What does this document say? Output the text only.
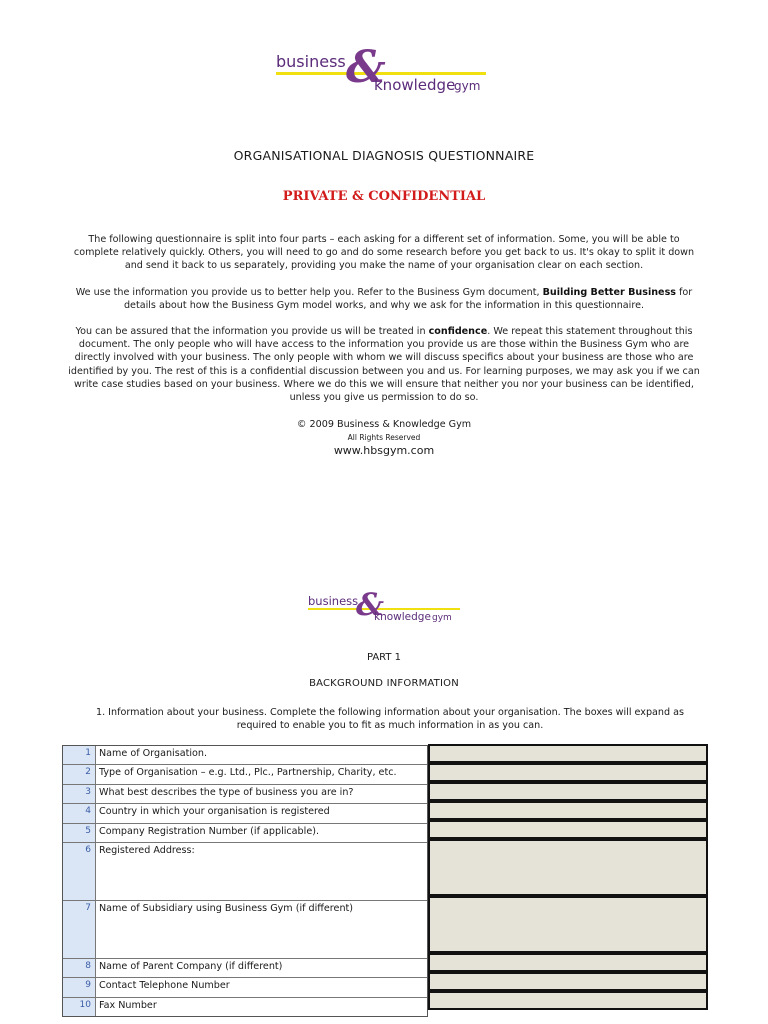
business &
knowledge
gym
ORGANISATIONAL DIAGNOSIS QUESTIONNAIRE
PRIVATE & CONFIDENTIAL
The following questionnaire is split into four parts – each asking for a different set of information. Some, you will be able to complete relatively quickly. Others, you will need to go and do some research before you get back to us. It's okay to split it down and send it back to us separately, providing you make the name of your organisation clear on each section.
We use the information you provide us to better help you. Refer to the Business Gym document, Building Better Business for details about how the Business Gym model works, and why we ask for the information in this questionnaire.
You can be assured that the information you provide us will be treated in confidence. We repeat this statement throughout this document. The only people who will have access to the information you provide us are those within the Business Gym who are directly involved with your business. The only people with whom we will discuss specifics about your business are those who are identified by you. The rest of this is a confidential discussion between you and us. For learning purposes, we may ask you if we can write case studies based on your business. Where we do this we will ensure that neither you nor your business can be identified, unless you give us permission to do so.
© 2009 Business & Knowledge Gym
All Rights Reserved
www.hbsgym.com
business
&
knowledge gym
PART 1
BACKGROUND INFORMATION
1. Information about your business. Complete the following information about your organisation. The boxes will expand as required to enable you to fit as much information in as you can.
1 Name of Organisation.
2 Type of Organisation – e.g. Ltd., Plc., Partnership, Charity, etc.
3 What best describes the type of business you are in?
4 Country in which your organisation is registered
5 Company Registration Number (if applicable).
6 Registered Address:
7 Name of Subsidiary using Business Gym (if different)
8 Name of Parent Company (if different)
9 Contact Telephone Number
10 Fax Number
